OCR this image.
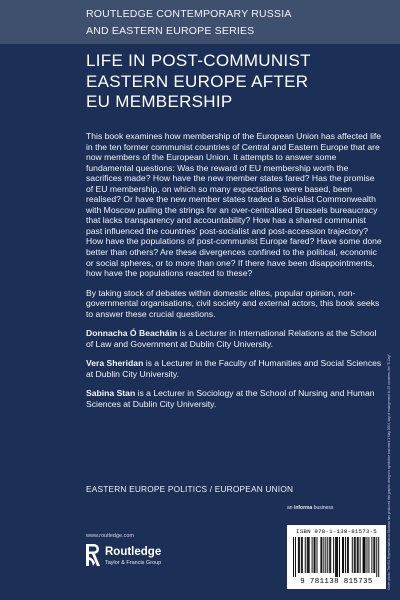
ROUTLEDGE CONTEMPORARY RUSSIA
AND EASTERN EUROPE SERIES
LIFE IN POST-COMMUNIST
EASTERN EUROPE AFTER
EU MEMBERSHIP

This book examines how membership of the European Union has affected life in the ten former communist countries of Central and Eastern Europe that are now members of the European Union. It attempts to answer some fundamental questions: Was the reward of EU membership worth the sacrifices made? How have the new member states fared? Has the promise of EU membership, on which so many expectations were based, been realised? Or have the new member states traded a Socialist Commonwealth with Moscow pulling the strings for an over-centralised Brussels bureaucracy that lacks transparency and accountability? How has a shared communist past influenced the countries' post-socialist and post-accession trajectory? How have the populations of post-communist Europe fared? Have some done better than others? Are these divergences confined to the political, economic or social spheres, or to more than one? If there have been disappointments, how have the populations reacted to these?

By taking stock of debates within domestic elites, popular opinion, non-governmental organisations, civil society and external actors, this book seeks to answer these crucial questions.

Donnacha Ó Beacháin is a Lecturer in International Relations at the School of Law and Government at Dublin City University.

Vera Sheridan is a Lecturer in the Faculty of Humanities and Social Sciences at Dublin City University.

Sabina Stan is a Lecturer in Sociology at the School of Nursing and Human Sciences at Dublin City University.

EASTERN EUROPE POLITICS / EUROPEAN UNION
an informa business
www.routledge.com
Routledge
Taylor & Francis Group
ISBN 978-1-138-81573-5
9 781138 815735	Cover photo: The EU Representation in Slovenia has produced this graphic design to symbolise and mark 1 May 2004, day of enlargement to 25 countries, the "E-Day".
